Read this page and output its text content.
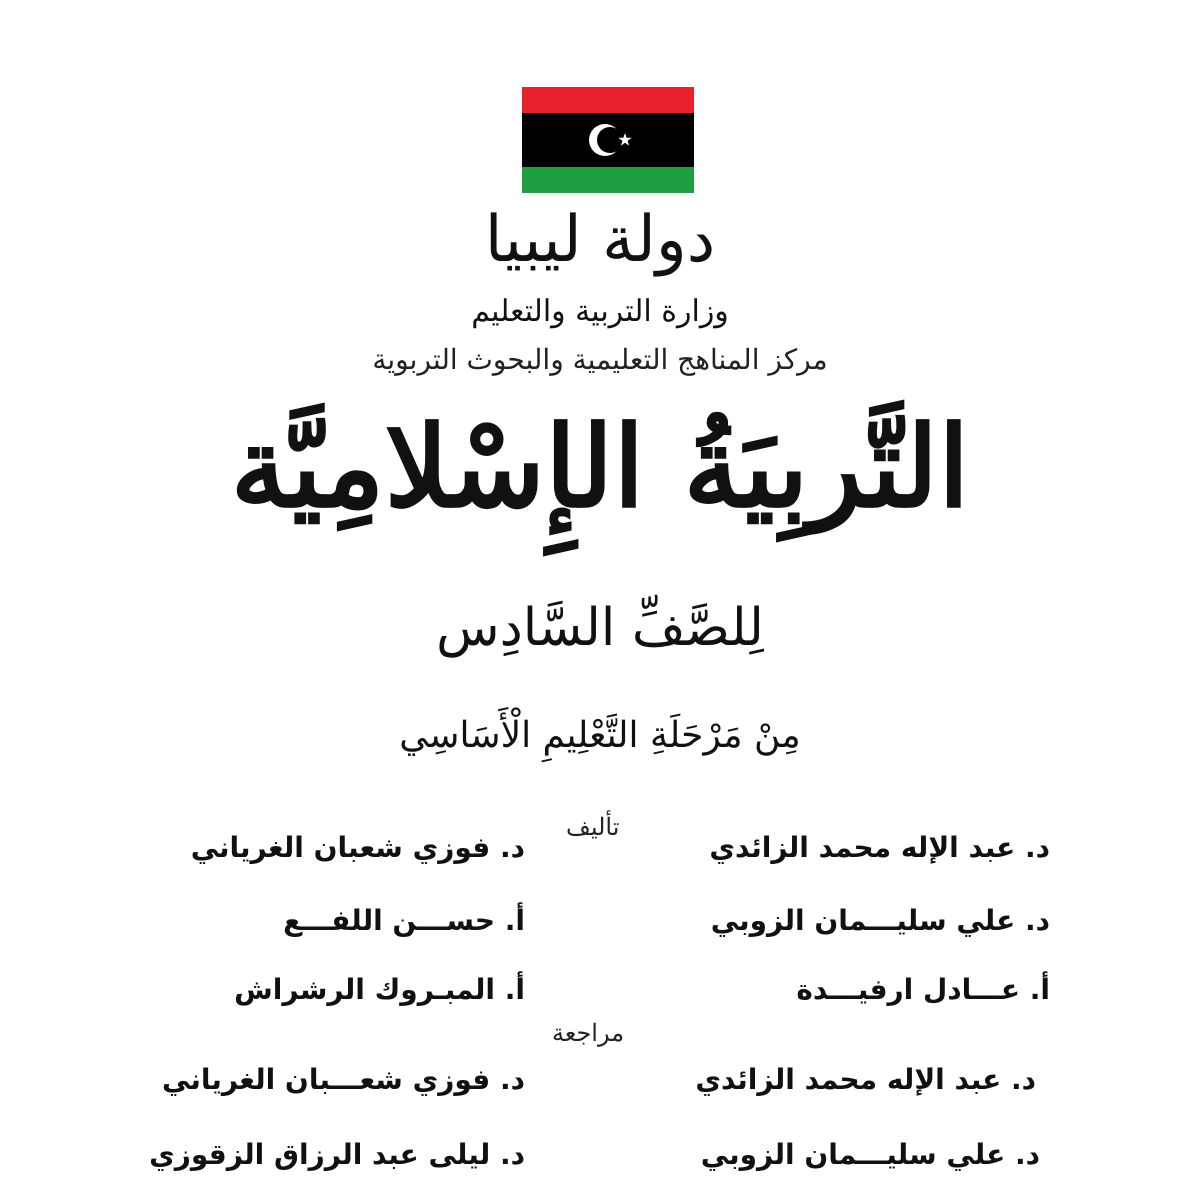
دولة ليبيا
وزارة التربية والتعليم
مركز المناهج التعليمية والبحوث التربوية
التَّربِيَةُ الإِسْلامِيَّة
لِلصَّفِّ السَّادِس
مِنْ مَرْحَلَةِ التَّعْلِيمِ الْأَسَاسِي
تأليف
د. عبد الإله محمد الزائدي
د. علي سليـــمان الزوبي
أ. عـــادل ارفيـــدة
د. فوزي شعبان الغرياني
أ. حســـن اللفـــع
أ. المبـروك الرشراش
مراجعة
د. عبد الإله محمد الزائدي
د. علي سليـــمان الزوبي
د. فوزي شعـــبان الغرياني
د. ليلى عبد الرزاق الزقوزي
